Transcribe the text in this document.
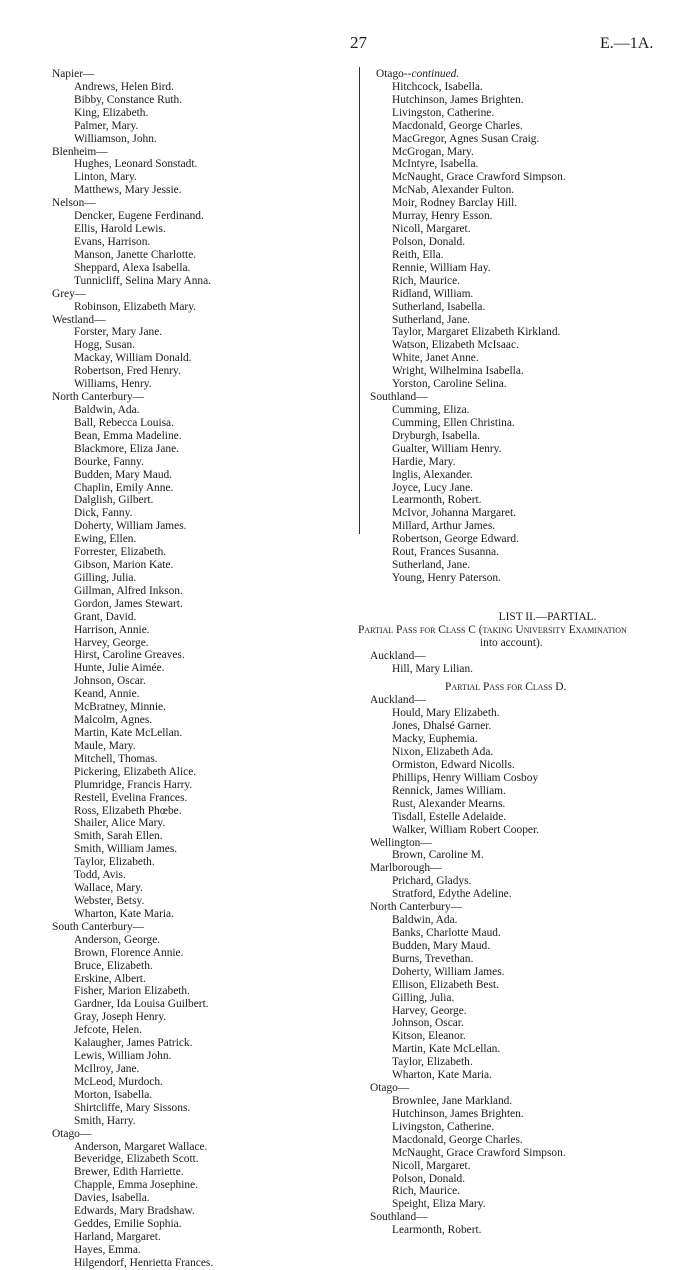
27	E.—1A.
Napier—
Andrews, Helen Bird.
Bibby, Constance Ruth.
King, Elizabeth.
Palmer, Mary.
Williamson, John.
Blenheim—
Hughes, Leonard Sonstadt.
Linton, Mary.
Matthews, Mary Jessie.
Nelson—
Dencker, Eugene Ferdinand.
Ellis, Harold Lewis.
Evans, Harrison.
Manson, Janette Charlotte.
Sheppard, Alexa Isabella.
Tunnicliff, Selina Mary Anna.
Grey—
Robinson, Elizabeth Mary.
Westland—
Forster, Mary Jane.
Hogg, Susan.
Mackay, William Donald.
Robertson, Fred Henry.
Williams, Henry.
North Canterbury—
Baldwin, Ada.
Ball, Rebecca Louisa.
Bean, Emma Madeline.
Blackmore, Eliza Jane.
Bourke, Fanny.
Budden, Mary Maud.
Chaplin, Emily Anne.
Dalglish, Gilbert.
Dick, Fanny.
Doherty, William James.
Ewing, Ellen.
Forrester, Elizabeth.
Gibson, Marion Kate.
Gilling, Julia.
Gillman, Alfred Inkson.
Gordon, James Stewart.
Grant, David.
Harrison, Annie.
Harvey, George.
Hirst, Caroline Greaves.
Hunte, Julie Aimée.
Johnson, Oscar.
Keand, Annie.
McBratney, Minnie.
Malcolm, Agnes.
Martin, Kate McLellan.
Maule, Mary.
Mitchell, Thomas.
Pickering, Elizabeth Alice.
Plumridge, Francis Harry.
Restell, Evelina Frances.
Ross, Elizabeth Phœbe.
Shailer, Alice Mary.
Smith, Sarah Ellen.
Smith, William James.
Taylor, Elizabeth.
Todd, Avis.
Wallace, Mary.
Webster, Betsy.
Wharton, Kate Maria.
South Canterbury—
Anderson, George.
Brown, Florence Annie.
Bruce, Elizabeth.
Erskine, Albert.
Fisher, Marion Elizabeth.
Gardner, Ida Louisa Guilbert.
Gray, Joseph Henry.
Jefcote, Helen.
Kalaugher, James Patrick.
Lewis, William John.
McIlroy, Jane.
McLeod, Murdoch.
Morton, Isabella.
Shirtcliffe, Mary Sissons.
Smith, Harry.
Otago—
Anderson, Margaret Wallace.
Beveridge, Elizabeth Scott.
Brewer, Edith Harriette.
Chapple, Emma Josephine.
Davies, Isabella.
Edwards, Mary Bradshaw.
Geddes, Emilie Sophia.
Harland, Margaret.
Hayes, Emma.
Hilgendorf, Henrietta Frances.
Otago--continued.
Hitchcock, Isabella.
Hutchinson, James Brighten.
Livingston, Catherine.
Macdonald, George Charles.
MacGregor, Agnes Susan Craig.
McGrogan, Mary.
McIntyre, Isabella.
McNaught, Grace Crawford Simpson.
McNab, Alexander Fulton.
Moir, Rodney Barclay Hill.
Murray, Henry Esson.
Nicoll, Margaret.
Polson, Donald.
Reith, Ella.
Rennie, William Hay.
Rich, Maurice.
Ridland, William.
Sutherland, Isabella.
Sutherland, Jane.
Taylor, Margaret Elizabeth Kirkland.
Watson, Elizabeth McIsaac.
White, Janet Anne.
Wright, Wilhelmina Isabella.
Yorston, Caroline Selina.
Southland—
Cumming, Eliza.
Cumming, Ellen Christina.
Dryburgh, Isabella.
Gualter, William Henry.
Hardie, Mary.
Inglis, Alexander.
Joyce, Lucy Jane.
Learmonth, Robert.
McIvor, Johanna Margaret.
Millard, Arthur James.
Robertson, George Edward.
Rout, Frances Susanna.
Sutherland, Jane.
Young, Henry Paterson.
LIST II.—PARTIAL.
Partial Pass for Class C (taking University Examination
into account).
Auckland—
Hill, Mary Lilian.
Partial Pass for Class D.
Auckland—
Hould, Mary Elizabeth.
Jones, Dhalsé Garner.
Macky, Euphemia.
Nixon, Elizabeth Ada.
Ormiston, Edward Nicolls.
Phillips, Henry William Cosboy
Rennick, James William.
Rust, Alexander Mearns.
Tisdall, Estelle Adelaide.
Walker, William Robert Cooper.
Wellington—
Brown, Caroline M.
Marlborough—
Prichard, Gladys.
Stratford, Edythe Adeline.
North Canterbury—
Baldwin, Ada.
Banks, Charlotte Maud.
Budden, Mary Maud.
Burns, Trevethan.
Doherty, William James.
Ellison, Elizabeth Best.
Gilling, Julia.
Harvey, George.
Johnson, Oscar.
Kitson, Eleanor.
Martin, Kate McLellan.
Taylor, Elizabeth.
Wharton, Kate Maria.
Otago—
Brownlee, Jane Markland.
Hutchinson, James Brighten.
Livingston, Catherine.
Macdonald, George Charles.
McNaught, Grace Crawford Simpson.
Nicoll, Margaret.
Polson, Donald.
Rich, Maurice.
Speight, Eliza Mary.
Southland—
Learmonth, Robert.
